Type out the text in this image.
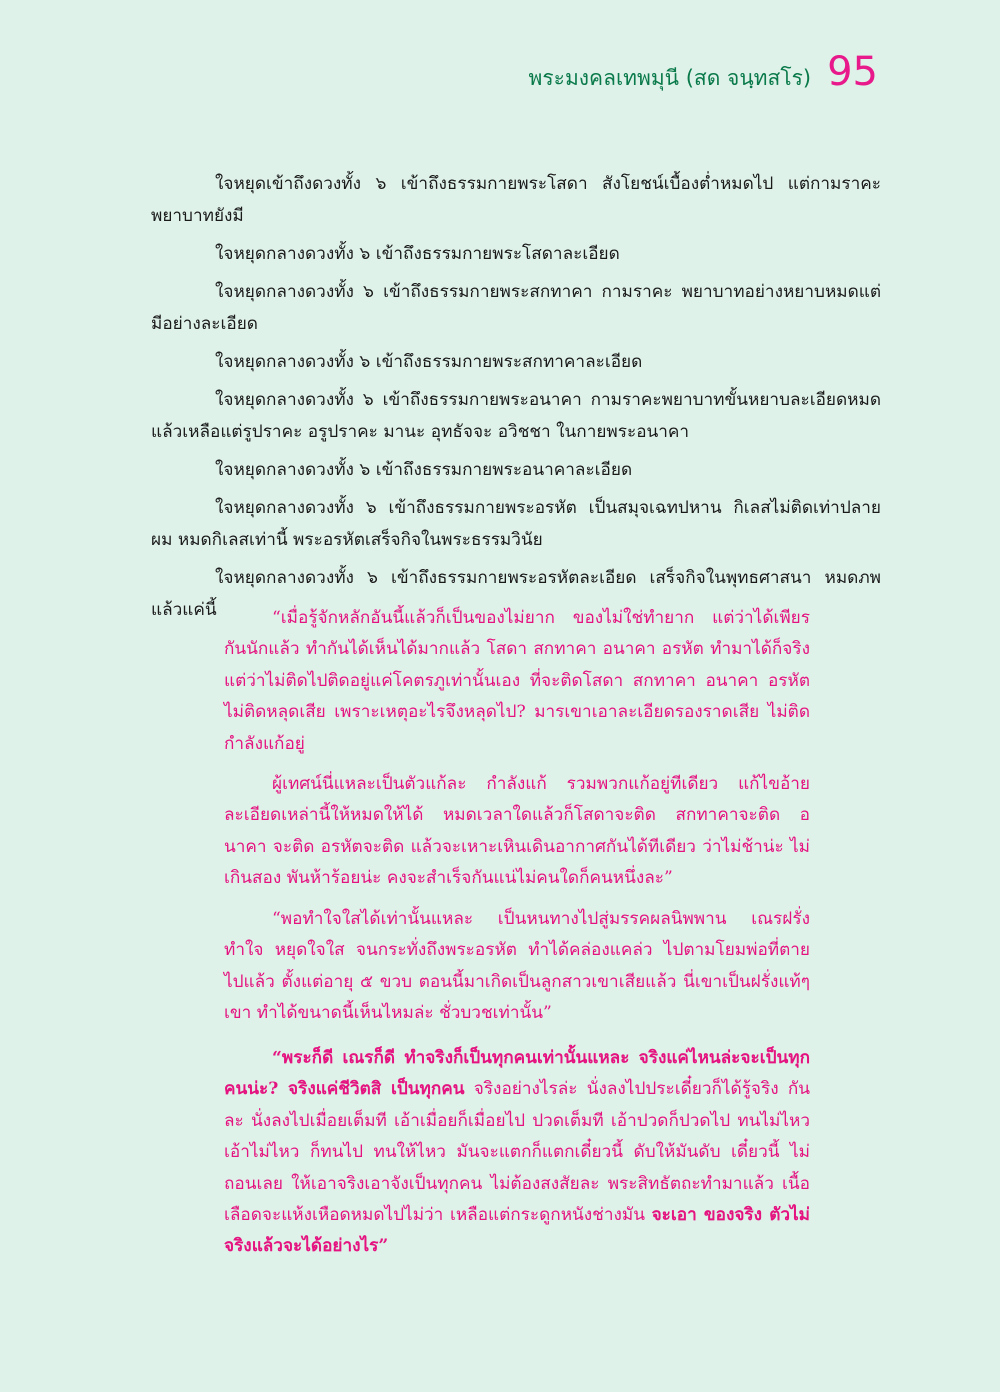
พระมงคลเทพมุนี (สด จนฺทสโร) 95

ใจหยุดเข้าถึงดวงทั้ง ๖ เข้าถึงธรรมกายพระโสดา สังโยชน์เบื้องต่ำหมดไป แต่กามราคะ พยาบาทยังมี

ใจหยุดกลางดวงทั้ง ๖ เข้าถึงธรรมกายพระโสดาละเอียด

ใจหยุดกลางดวงทั้ง ๖ เข้าถึงธรรมกายพระสกทาคา กามราคะ พยาบาทอย่างหยาบหมดแต่ มีอย่างละเอียด

ใจหยุดกลางดวงทั้ง ๖ เข้าถึงธรรมกายพระสกทาคาละเอียด

ใจหยุดกลางดวงทั้ง ๖ เข้าถึงธรรมกายพระอนาคา กามราคะพยาบาทขั้นหยาบละเอียดหมด แล้วเหลือแต่รูปราคะ อรูปราคะ มานะ อุทธัจจะ อวิชชา ในกายพระอนาคา

ใจหยุดกลางดวงทั้ง ๖ เข้าถึงธรรมกายพระอนาคาละเอียด

ใจหยุดกลางดวงทั้ง ๖ เข้าถึงธรรมกายพระอรหัต เป็นสมุจเฉทปหาน กิเลสไม่ติดเท่าปลาย ผม หมดกิเลสเท่านี้ พระอรหัตเสร็จกิจในพระธรรมวินัย

ใจหยุดกลางดวงทั้ง ๖ เข้าถึงธรรมกายพระอรหัตละเอียด เสร็จกิจในพุทธศาสนา หมดภพ แล้วแค่นี้	“เมื่อรู้จักหลักอันนี้แล้วก็เป็นของไม่ยาก ของไม่ใช่ทำยาก แต่ว่าได้เพียร กันนักแล้ว ทำกันได้เห็นได้มากแล้ว โสดา สกทาคา อนาคา อรหัต ทำมาได้ก็จริง แต่ว่าไม่ติดไปติดอยู่แค่โคตรภูเท่านั้นเอง ที่จะติดโสดา สกทาคา อนาคา อรหัต ไม่ติดหลุดเสีย เพราะเหตุอะไรจึงหลุดไป? มารเขาเอาละเอียดรองราดเสีย ไม่ติด กำลังแก้อยู่

ผู้เทศน์นี่แหละเป็นตัวแก้ละ กำลังแก้ รวมพวกแก้อยู่ทีเดียว แก้ไขอ้าย ละเอียดเหล่านี้ให้หมดให้ได้ หมดเวลาใดแล้วก็โสดาจะติด สกทาคาจะติด อนาคา จะติด อรหัตจะติด แล้วจะเหาะเหินเดินอากาศกันได้ทีเดียว ว่าไม่ช้าน่ะ ไม่เกินสอง พันห้าร้อยน่ะ คงจะสำเร็จกันแน่ไม่คนใดก็คนหนึ่งละ”

“พอทำใจใสได้เท่านั้นแหละ เป็นหนทางไปสู่มรรคผลนิพพาน เณรฝรั่ง ทำใจ หยุดใจใส จนกระทั่งถึงพระอรหัต ทำได้คล่องแคล่ว ไปตามโยมพ่อที่ตาย ไปแล้ว ตั้งแต่อายุ ๕ ขวบ ตอนนี้มาเกิดเป็นลูกสาวเขาเสียแล้ว นี่เขาเป็นฝรั่งแท้ๆ เขา ทำได้ขนาดนี้เห็นไหมล่ะ ชั่วบวชเท่านั้น”

“พระก็ดี เณรก็ดี ทำจริงก็เป็นทุกคนเท่านั้นแหละ จริงแค่ไหนล่ะจะเป็นทุก คนน่ะ? จริงแค่ชีวิตสิ เป็นทุกคน จริงอย่างไรล่ะ นั่งลงไปประเดี๋ยวก็ได้รู้จริง กัน ละ นั่งลงไปเมื่อยเต็มที เอ้าเมื่อยก็เมื่อยไป ปวดเต็มที เอ้าปวดก็ปวดไป ทนไม่ไหว เอ้าไม่ไหว ก็ทนไป ทนให้ไหว มันจะแตกก็แตกเดี๋ยวนี้ ดับให้มันดับ เดี๋ยวนี้ ไม่ ถอนเลย ให้เอาจริงเอาจังเป็นทุกคน ไม่ต้องสงสัยละ พระสิทธัตถะทำมาแล้ว เนื้อเลือดจะแห้งเหือดหมดไปไม่ว่า เหลือแต่กระดูกหนังช่างมัน จะเอา ของจริง ตัวไม่จริงแล้วจะได้อย่างไร”
